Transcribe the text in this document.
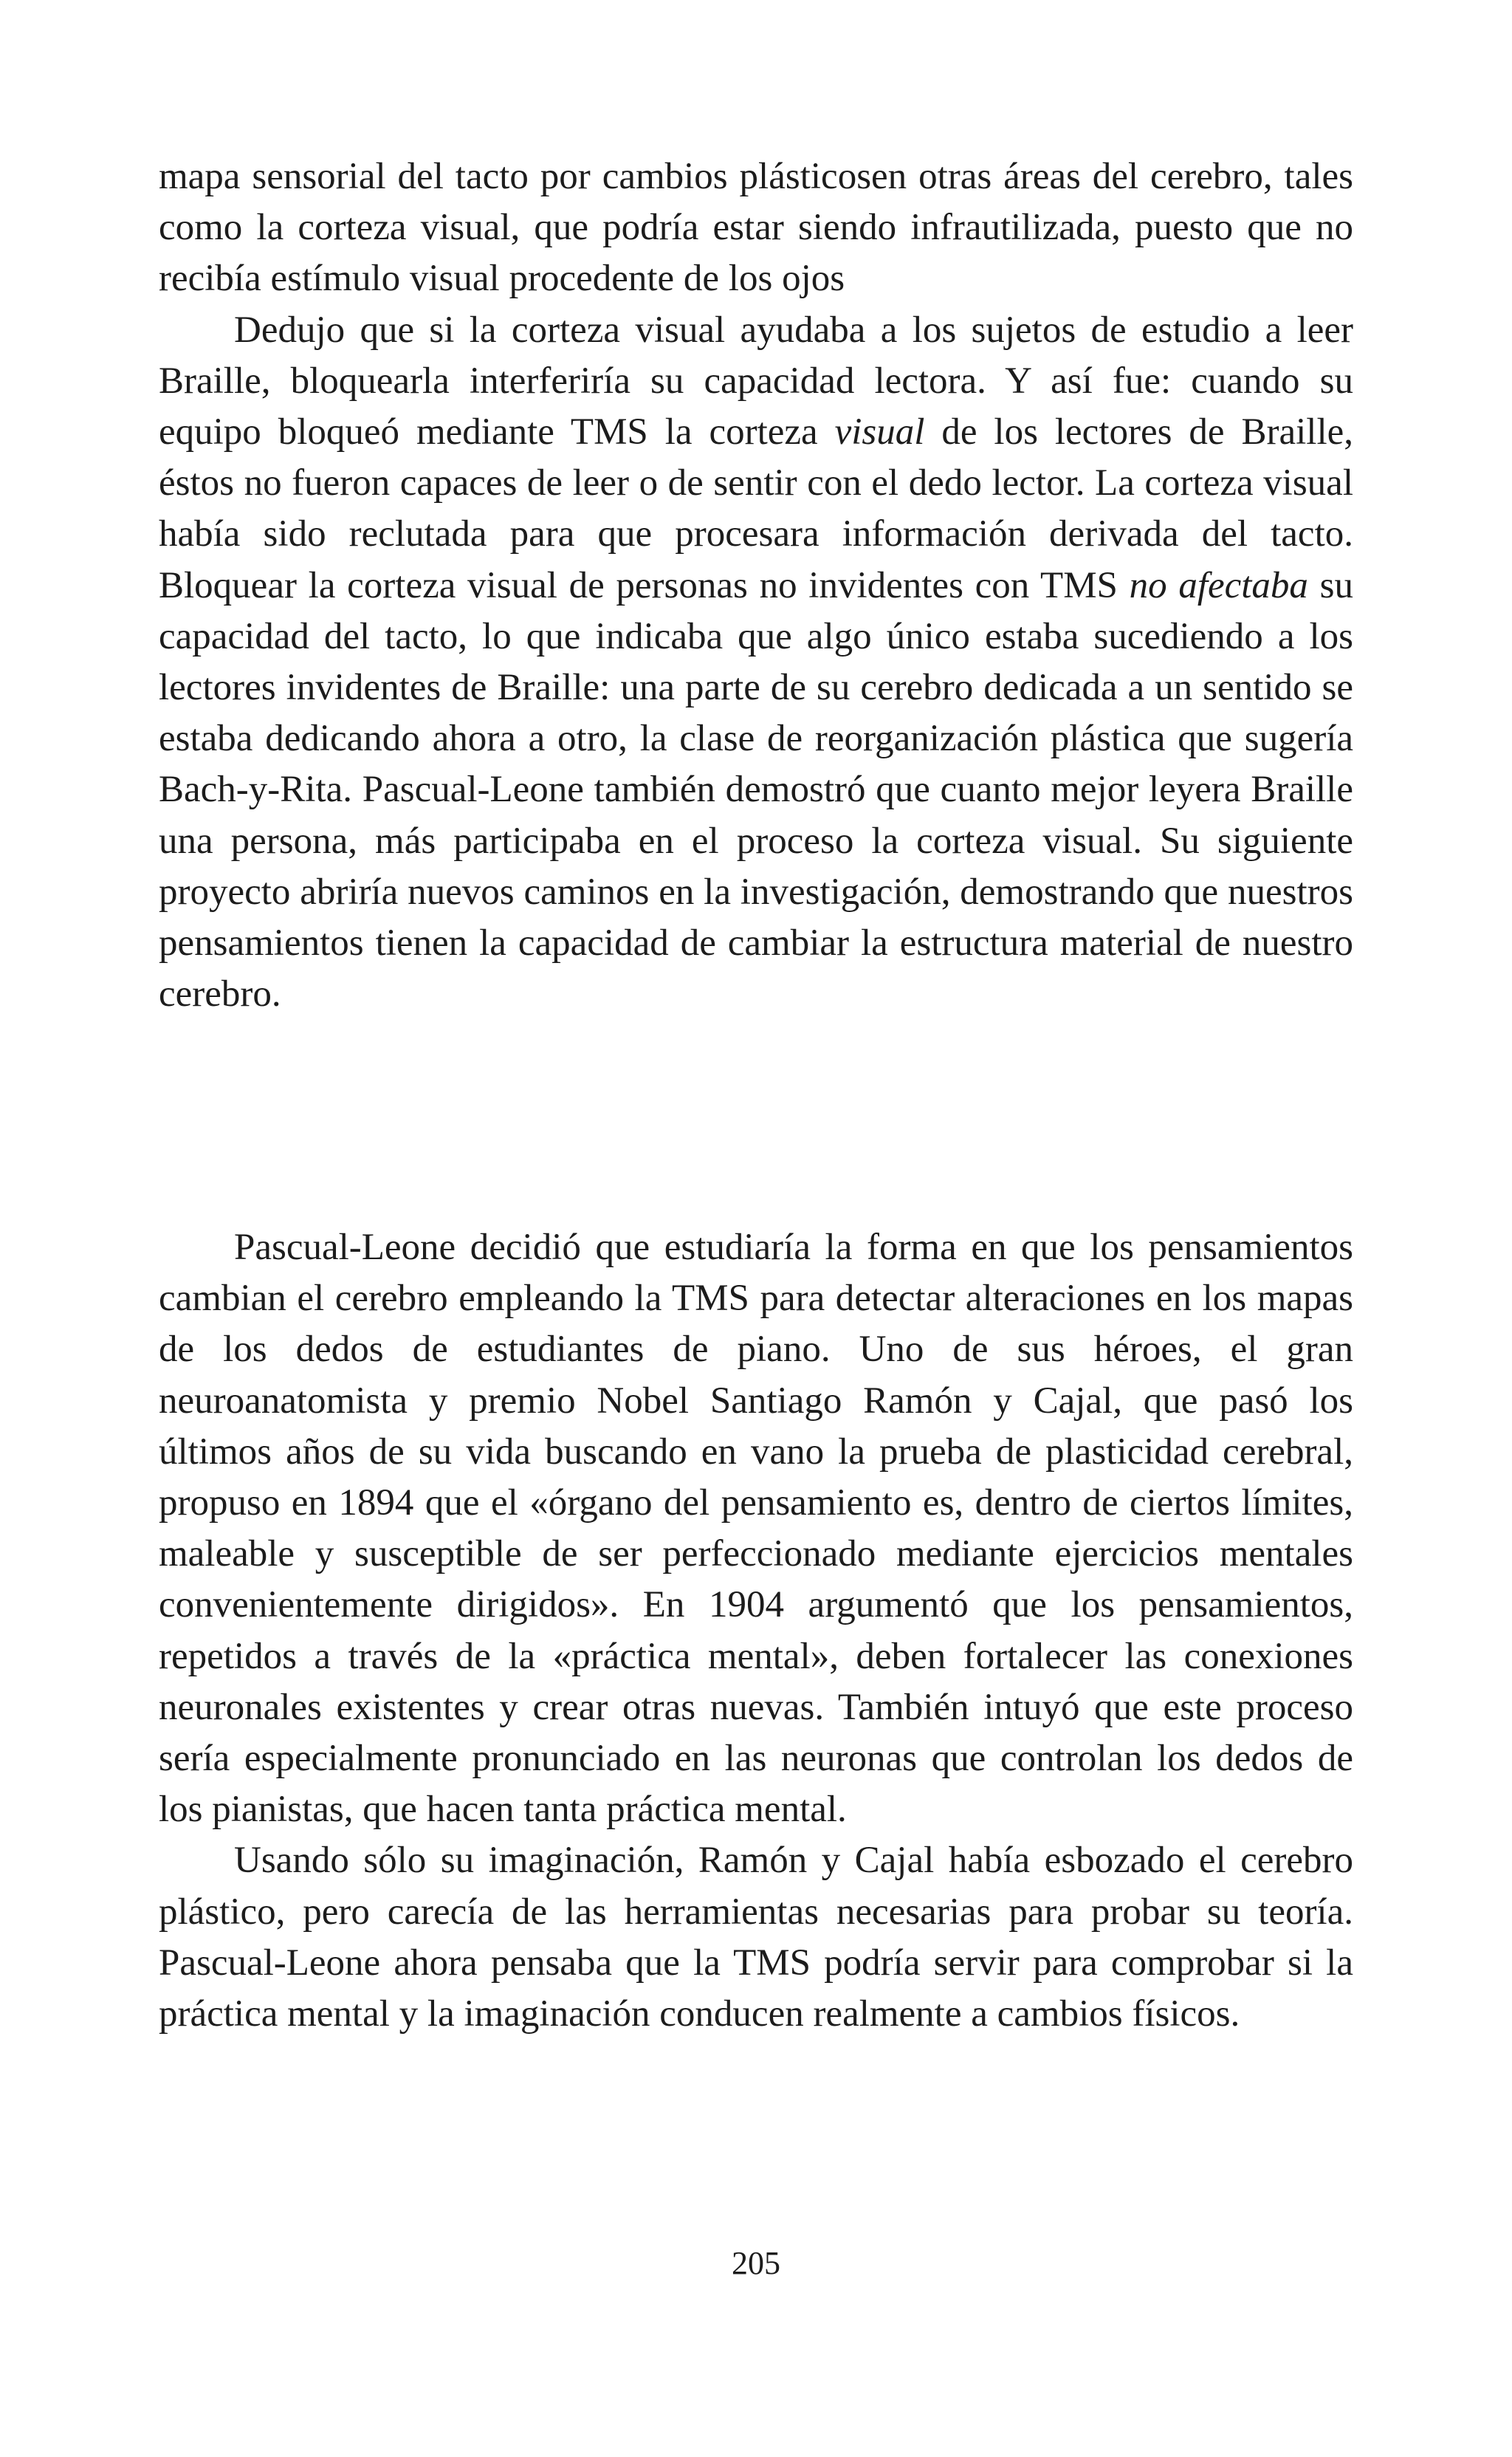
mapa sensorial del tacto por cambios plásticosen otras áreas del cerebro, tales como la corteza visual, que podría estar siendo infrautilizada, puesto que no recibía estímulo visual procedente de los ojos

Dedujo que si la corteza visual ayudaba a los sujetos de estudio a leer Braille, bloquearla interferiría su capacidad lectora. Y así fue: cuando su equipo bloqueó mediante TMS la corteza visual de los lectores de Braille, éstos no fueron capaces de leer o de sentir con el dedo lector. La corteza visual había sido reclutada para que procesara información derivada del tacto. Bloquear la corteza visual de personas no invidentes con TMS no afectaba su capacidad del tacto, lo que indicaba que algo único estaba sucediendo a los lectores invidentes de Braille: una parte de su cerebro dedicada a un sentido se estaba dedicando ahora a otro, la clase de reorganización plástica que sugería Bach-y-Rita. Pascual-Leone también demostró que cuanto mejor leyera Braille una persona, más participaba en el proceso la corteza visual. Su siguiente proyecto abriría nuevos caminos en la investigación, demostrando que nuestros pensamientos tienen la capacidad de cambiar la estructura material de nuestro cerebro.

Pascual-Leone decidió que estudiaría la forma en que los pensamientos cambian el cerebro empleando la TMS para detectar alteraciones en los mapas de los dedos de estudiantes de piano. Uno de sus héroes, el gran neuroanatomista y premio Nobel Santiago Ramón y Cajal, que pasó los últimos años de su vida buscando en vano la prueba de plasticidad cerebral, propuso en 1894 que el «órgano del pensamiento es, dentro de ciertos límites, maleable y susceptible de ser perfeccionado mediante ejercicios mentales convenientemente dirigidos». En 1904 argumentó que los pensamientos, repetidos a través de la «práctica mental», deben fortalecer las conexiones neuronales existentes y crear otras nuevas. También intuyó que este proceso sería especialmente pronunciado en las neuronas que controlan los dedos de los pianistas, que hacen tanta práctica mental.

Usando sólo su imaginación, Ramón y Cajal había esbozado el cerebro plástico, pero carecía de las herramientas necesarias para probar su teoría. Pascual-Leone ahora pensaba que la TMS podría servir para comprobar si la práctica mental y la imaginación conducen realmente a cambios físicos.

205
